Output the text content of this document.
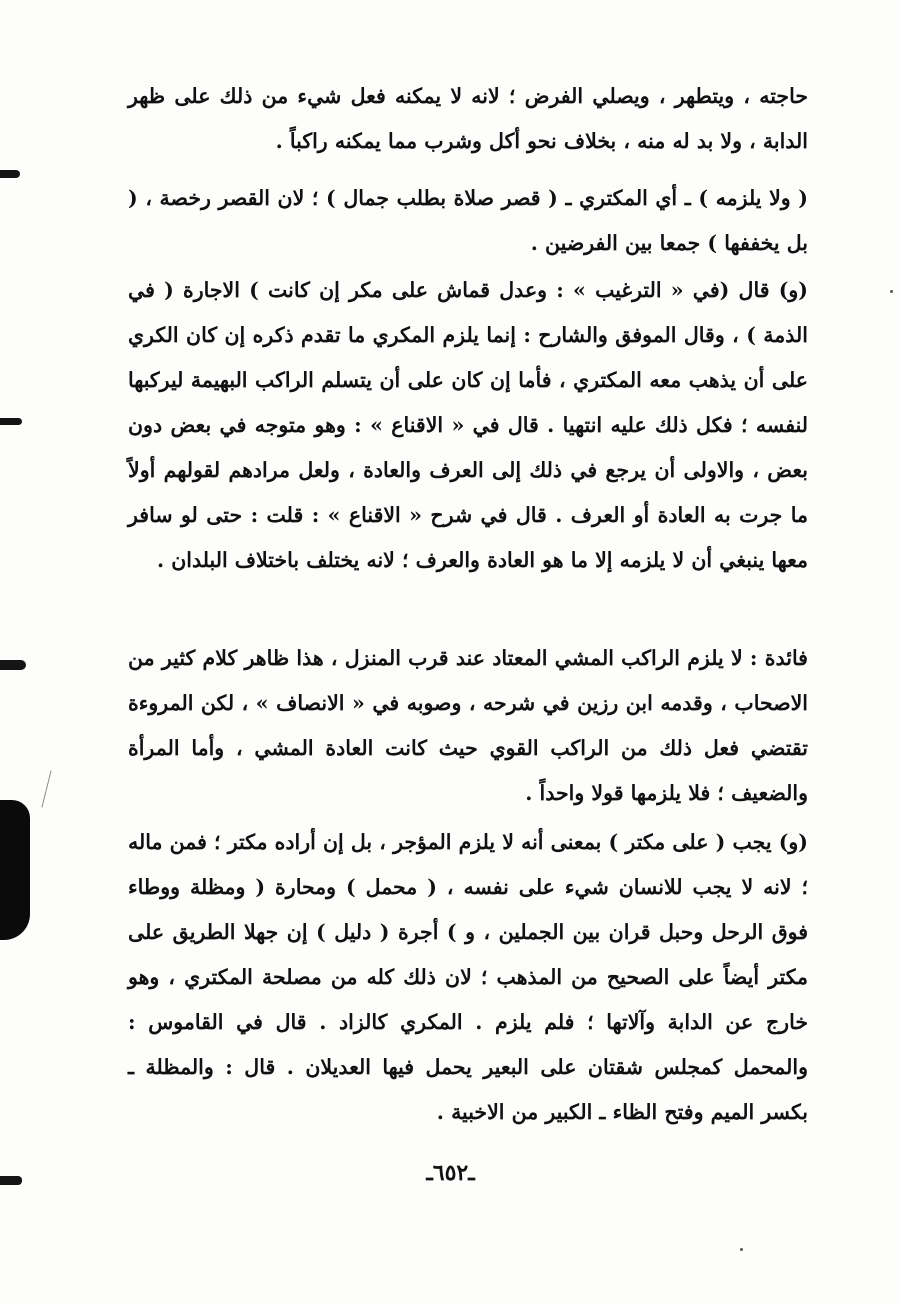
حاجته ، ويتطهر ، ويصلي الفرض ؛ لانه لا يمكنه فعل شيء من ذلك على ظهر الدابة ، ولا بد له منه ، بخلاف نحو أكل وشرب مما يمكنه راكباً .

( ولا يلزمه ) ـ أي المكتري ـ ( قصر صلاة بطلب جمال ) ؛ لان القصر رخصة ، ( بل يخففها ) جمعا بين الفرضين .

(و) قال (في « الترغيب » : وعدل قماش على مكر إن كانت ) الاجارة ( في الذمة ) ، وقال الموفق والشارح : إنما يلزم المكري ما تقدم ذكره إن كان الكري على أن يذهب معه المكتري ، فأما إن كان على أن يتسلم الراكب البهيمة ليركبها لنفسه ؛ فكل ذلك عليه انتهيا . قال في « الاقناع » : وهو متوجه في بعض دون بعض ، والاولى أن يرجع في ذلك إلى العرف والعادة ، ولعل مرادهم لقولهم أولاً ما جرت به العادة أو العرف . قال في شرح « الاقناع » : قلت : حتى لو سافر معها ينبغي أن لا يلزمه إلا ما هو العادة والعرف ؛ لانه يختلف باختلاف البلدان .

فائدة : لا يلزم الراكب المشي المعتاد عند قرب المنزل ، هذا ظاهر كلام كثير من الاصحاب ، وقدمه ابن رزين في شرحه ، وصوبه في « الانصاف » ، لكن المروءة تقتضي فعل ذلك من الراكب القوي حيث كانت العادة المشي ، وأما المرأة والضعيف ؛ فلا يلزمها قولا واحداً .

(و) يجب ( على مكتر ) بمعنى أنه لا يلزم المؤجر ، بل إن أراده مكتر ؛ فمن ماله ؛ لانه لا يجب للانسان شيء على نفسه ، ( محمل ) ومحارة ( ومظلة ووطاء فوق الرحل وحبل قران بين الجملين ، و ) أجرة ( دليل ) إن جهلا الطريق على مكتر أيضاً على الصحيح من المذهب ؛ لان ذلك كله من مصلحة المكتري ، وهو خارج عن الدابة وآلاتها ؛ فلم يلزم . المكري كالزاد . قال في القاموس : والمحمل كمجلس شقتان على البعير يحمل فيها العديلان . قال : والمظلة ـ بكسر الميم وفتح الظاء ـ الكبير من الاخبية .

ـ٦٥٢ـ
